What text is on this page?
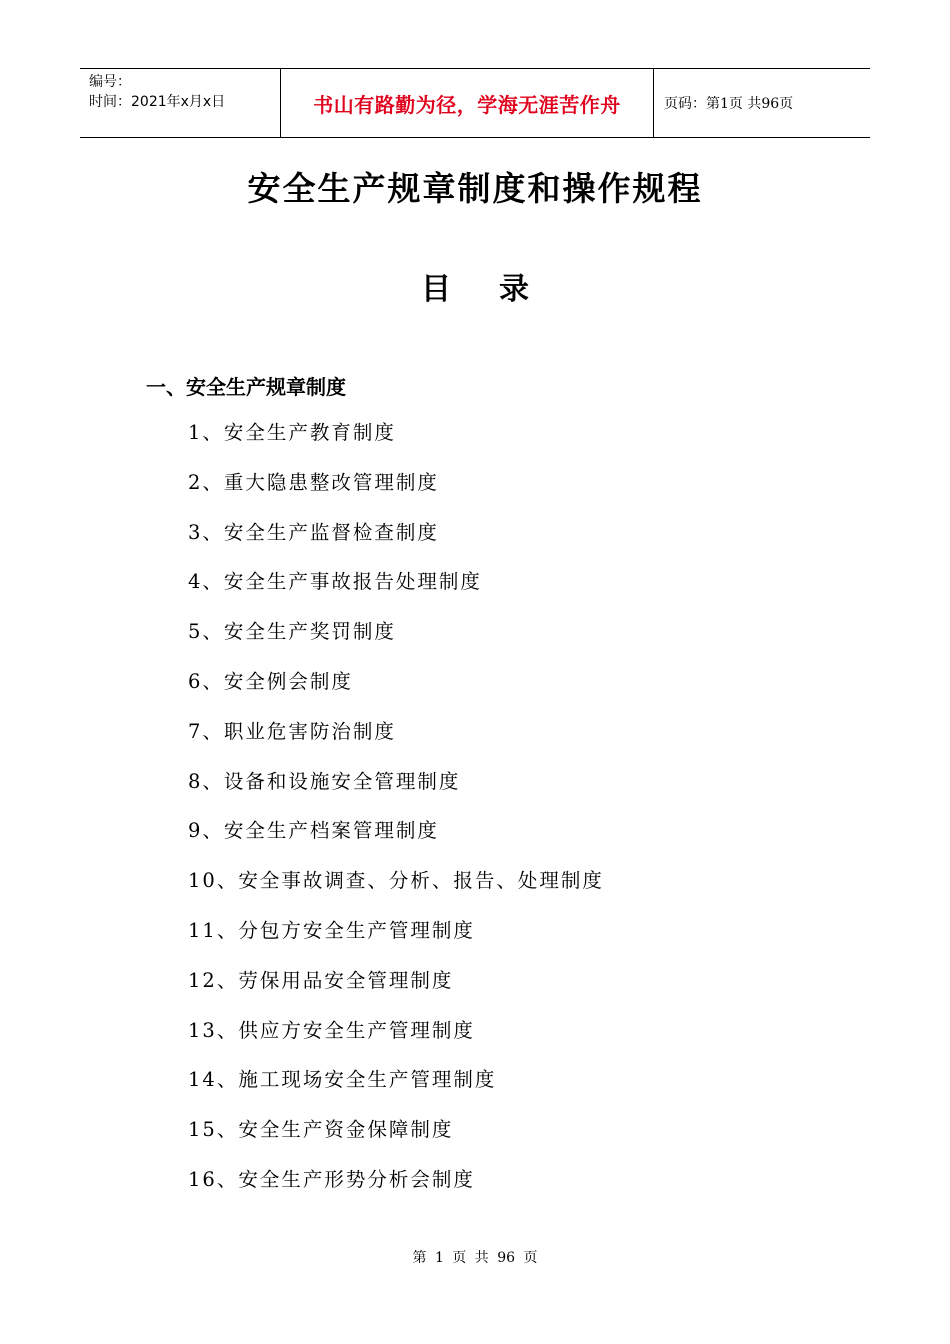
编号：
时间：2021年x月x日	书山有路勤为径，学海无涯苦作舟	页码：第1页 共96页
安全生产规章制度和操作规程
目录
一、安全生产规章制度
1、安全生产教育制度
2、重大隐患整改管理制度
3、安全生产监督检查制度
4、安全生产事故报告处理制度
5、安全生产奖罚制度
6、安全例会制度
7、职业危害防治制度
8、设备和设施安全管理制度
9、安全生产档案管理制度
10、安全事故调查、分析、报告、处理制度
11、分包方安全生产管理制度
12、劳保用品安全管理制度
13、供应方安全生产管理制度
14、施工现场安全生产管理制度
15、安全生产资金保障制度
16、安全生产形势分析会制度
第 1 页 共 96 页
